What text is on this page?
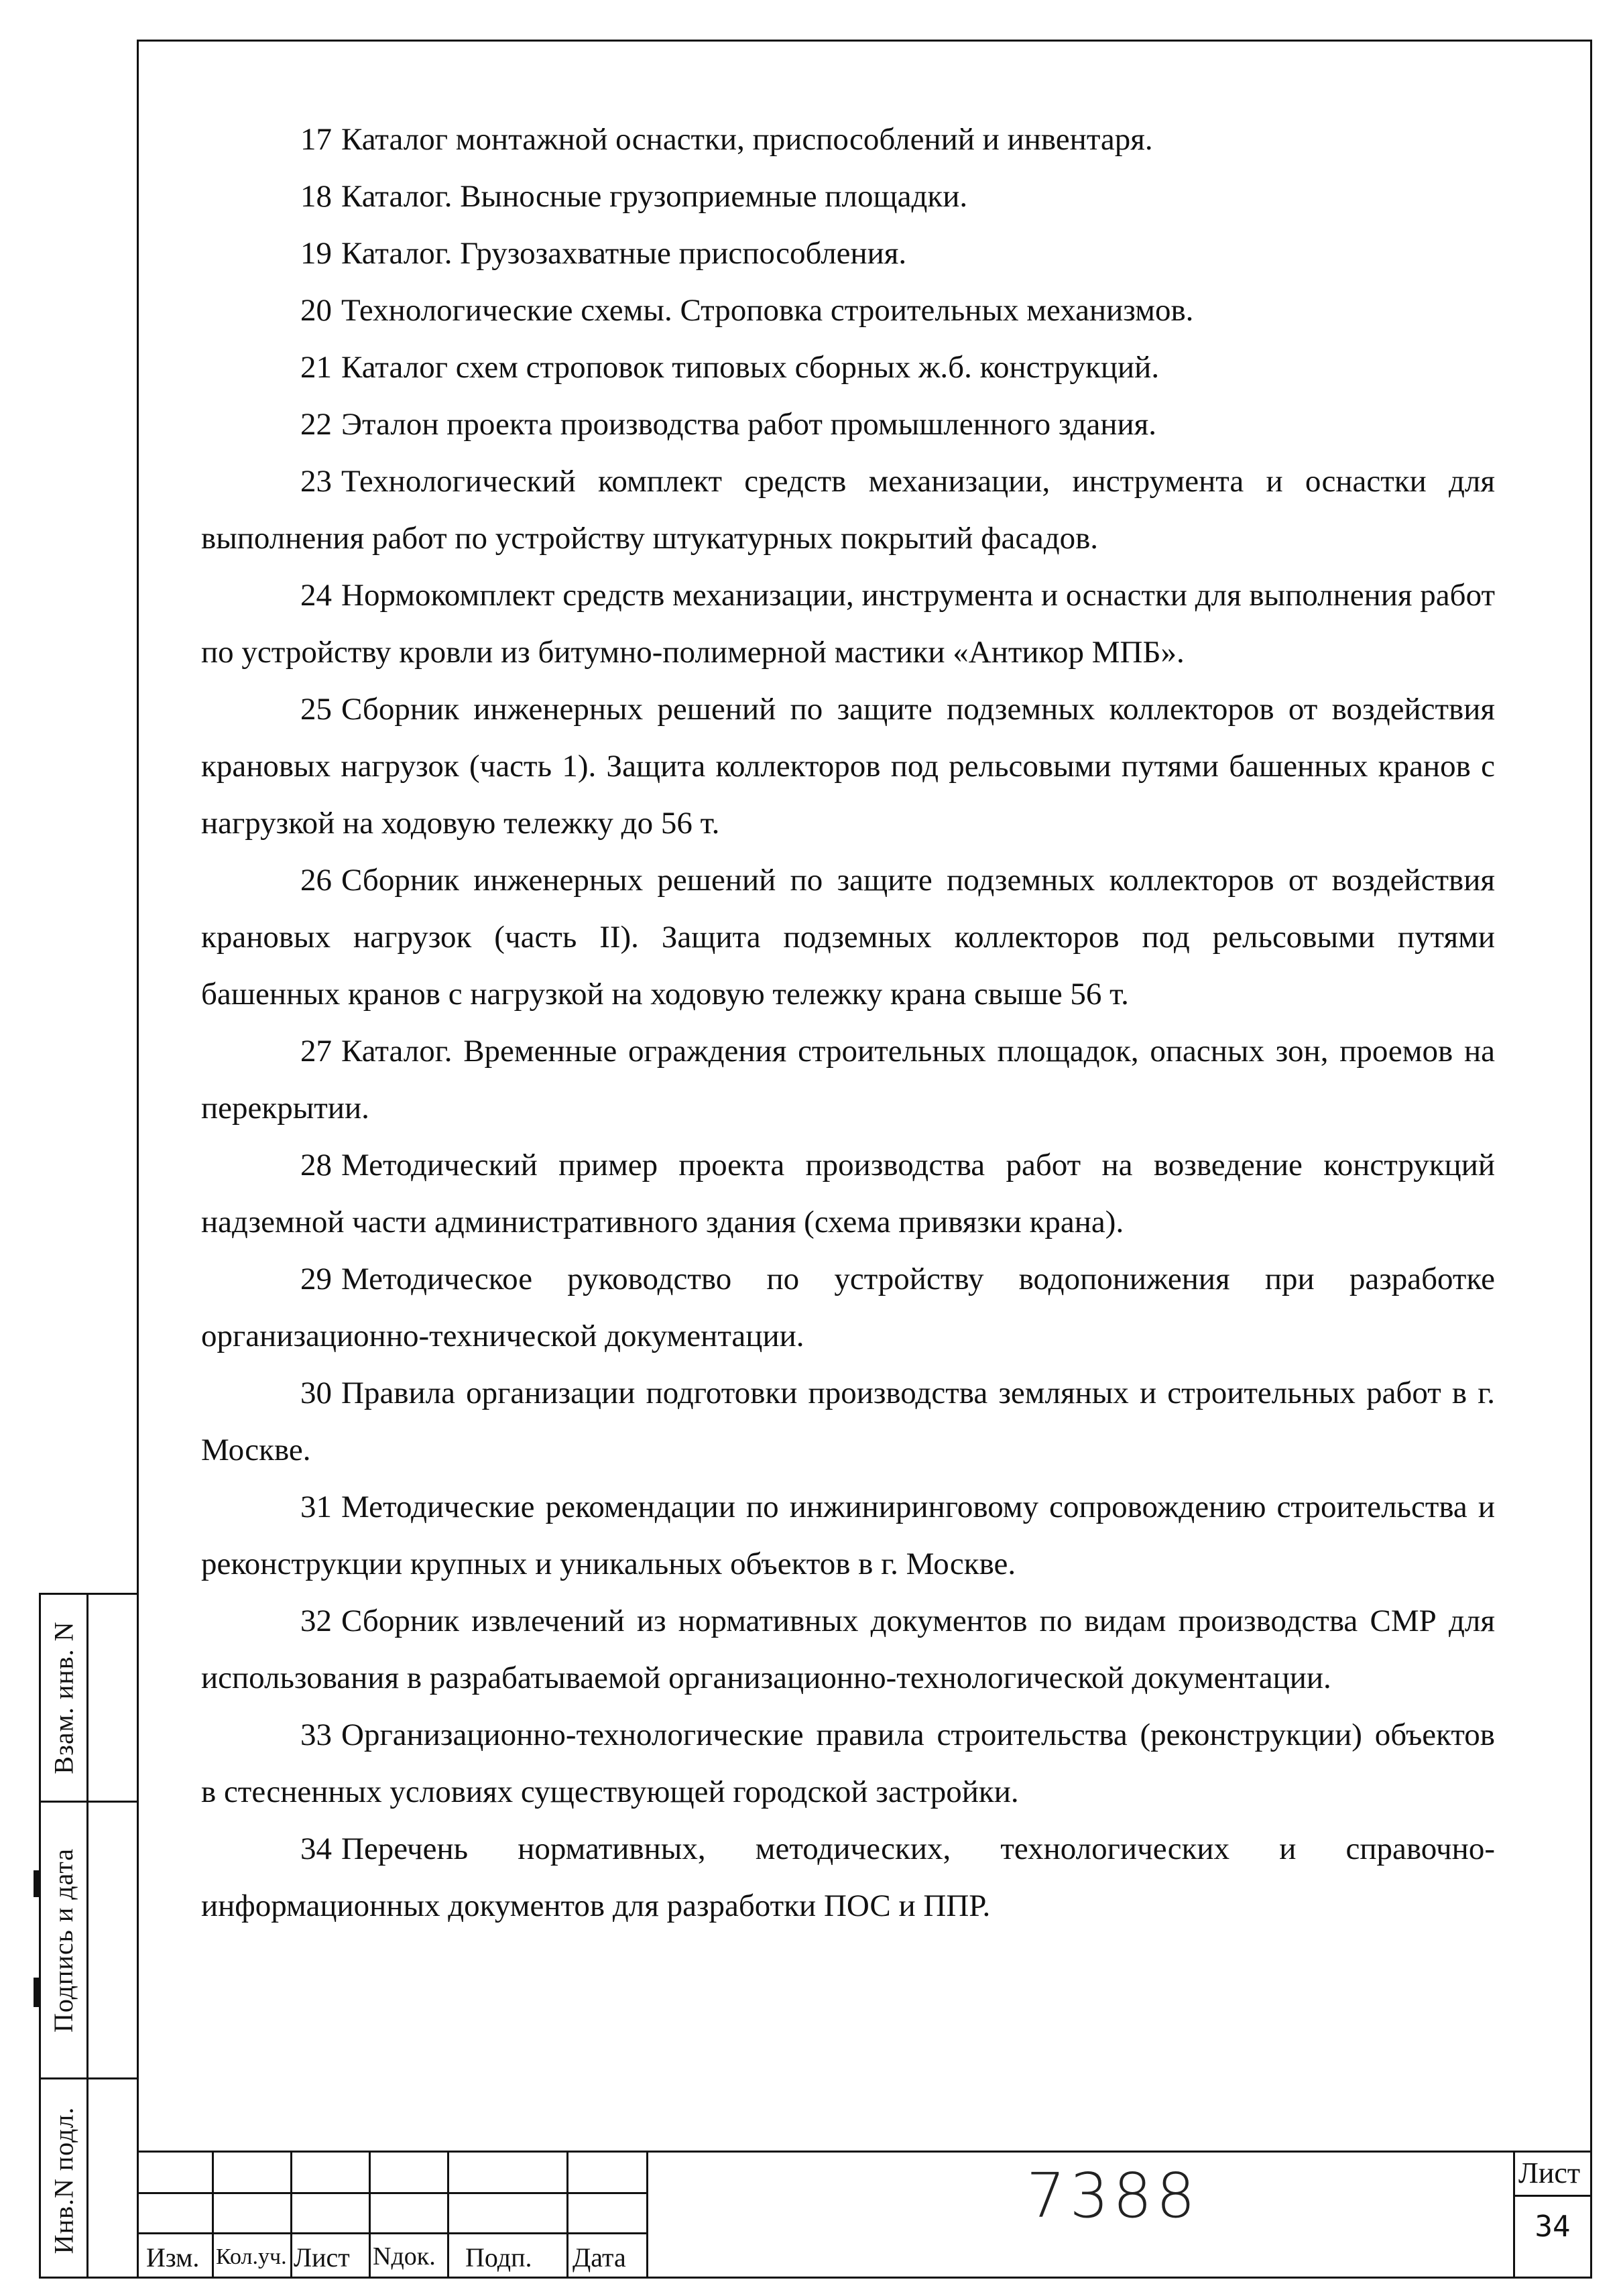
17 Каталог монтажной оснастки, приспособлений и инвентаря.

18 Каталог. Выносные грузоприемные площадки.

19 Каталог. Грузозахватные приспособления.

20 Технологические схемы. Строповка строительных механизмов.

21 Каталог схем строповок типовых сборных ж.б. конструкций.

22 Эталон проекта производства работ промышленного здания.

23 Технологический комплект средств механизации, инструмента и оснастки для выполнения работ по устройству штукатурных покрытий фасадов.

24 Нормокомплект средств механизации, инструмента и оснастки для выполнения работ по устройству кровли из битумно-полимерной мастики «Антикор МПБ».

25 Сборник инженерных решений по защите подземных коллекторов от воздействия крановых нагрузок (часть 1). Защита коллекторов под рельсовыми путями башенных кранов с нагрузкой на ходовую тележку до 56 т.

26 Сборник инженерных решений по защите подземных коллекторов от воздействия крановых нагрузок (часть II). Защита подземных коллекторов под рельсовыми путями башенных кранов с нагрузкой на ходовую тележку крана свыше 56 т.

27 Каталог. Временные ограждения строительных площадок, опасных зон, проемов на перекрытии.

28 Методический пример проекта производства работ на возведение конструкций надземной части административного здания (схема привязки крана).

29 Методическое руководство по устройству водопонижения при разработке организационно-технической документации.

30 Правила организации подготовки производства земляных и строительных работ в г. Москве.

31 Методические рекомендации по инжиниринговому сопровождению строительства и реконструкции крупных и уникальных объектов в г. Москве.

32 Сборник извлечений из нормативных документов по видам производства СМР для использования в разрабатываемой организационно-технологической документации.

33 Организационно-технологические правила строительства (реконструкции) объектов в стесненных условиях существующей городской застройки.

34 Перечень нормативных, методических, технологических и справочно-информационных документов для разработки ПОС и ППР.

Взам. инв. N
Подпись и дата
Инв.N подл.
Изм. Кол.уч. Лист Nдок. Подп. Дата
7388	Лист
34
